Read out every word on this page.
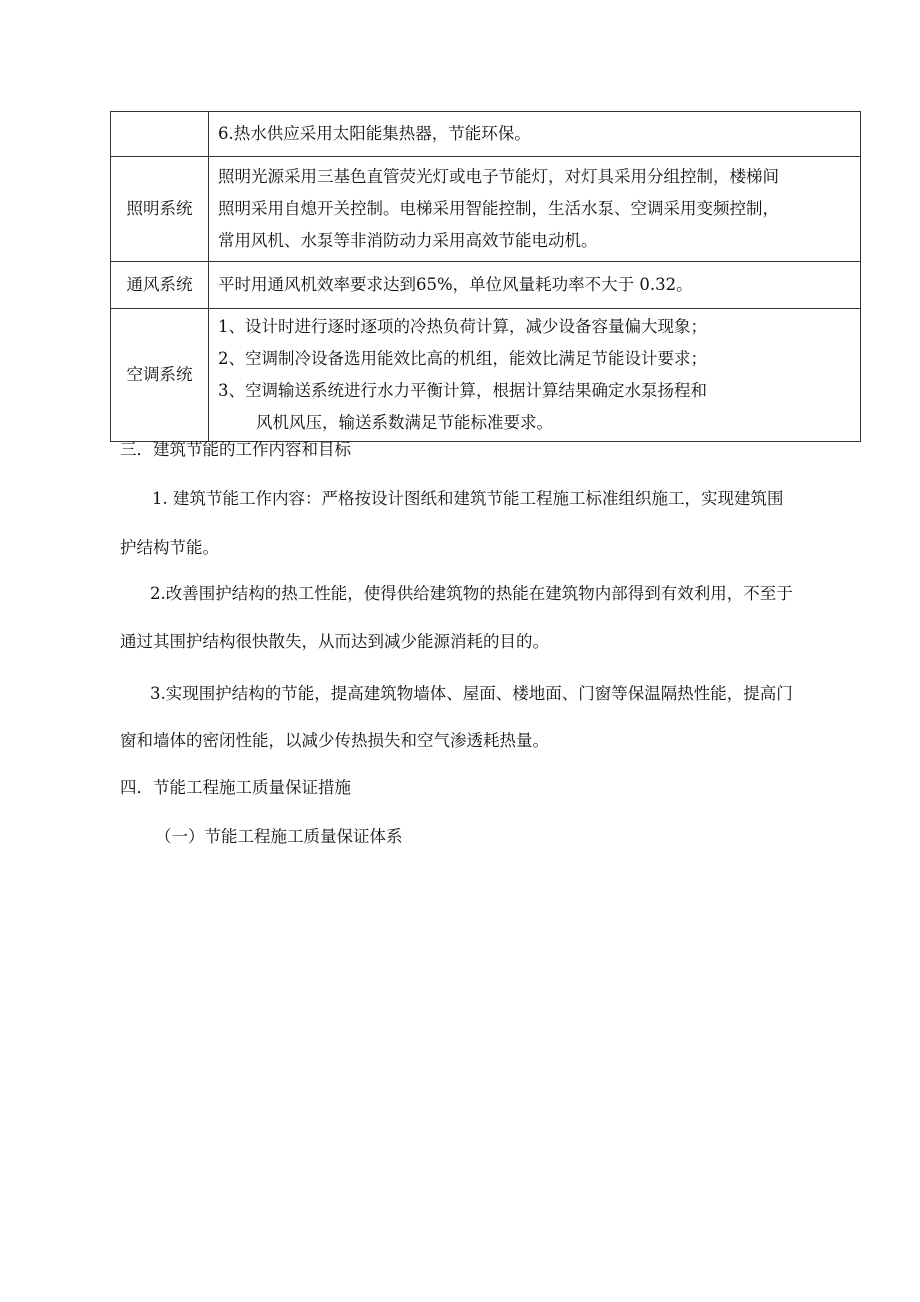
	6.热水供应采用太阳能集热器，节能环保。

照明系统	照明光源采用三基色直管荧光灯或电子节能灯，对灯具采用分组控制，楼梯间
照明采用自熄开关控制。电梯采用智能控制，生活水泵、空调采用变频控制，
常用风机、水泵等非消防动力采用高效节能电动机。

通风系统	平时用通风机效率要求达到65%，单位风量耗功率不大于 0.32。

空调系统	1、设计时进行逐时逐项的冷热负荷计算，减少设备容量偏大现象；
2、空调制冷设备选用能效比高的机组，能效比满足节能设计要求；
3、空调输送系统进行水力平衡计算，根据计算结果确定水泵扬程和
风机风压，输送系数满足节能标准要求。
三．建筑节能的工作内容和目标
1. 建筑节能工作内容：严格按设计图纸和建筑节能工程施工标准组织施工，实现建筑围
护结构节能。
2.改善围护结构的热工性能，使得供给建筑物的热能在建筑物内部得到有效利用，不至于
通过其围护结构很快散失，从而达到减少能源消耗的目的。
3.实现围护结构的节能，提高建筑物墙体、屋面、楼地面、门窗等保温隔热性能，提高门
窗和墙体的密闭性能，以减少传热损失和空气渗透耗热量。
四．节能工程施工质量保证措施
（一）节能工程施工质量保证体系
